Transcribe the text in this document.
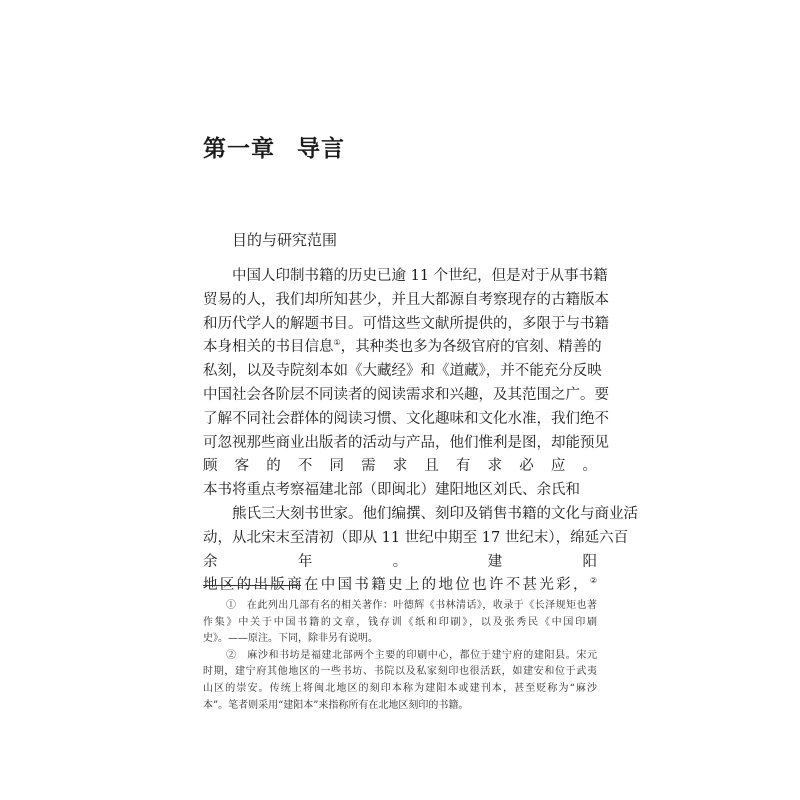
第一章 导言
目的与研究范围
中国人印制书籍的历史已逾 11 个世纪，但是对于从事书籍
贸易的人，我们却所知甚少，并且大都源自考察现存的古籍版本
和历代学人的解题书目。可惜这些文献所提供的，多限于与书籍
本身相关的书目信息①，其种类也多为各级官府的官刻、精善的
私刻，以及寺院刻本如《大藏经》和《道藏》，并不能充分反映
中国社会各阶层不同读者的阅读需求和兴趣，及其范围之广。要
了解不同社会群体的阅读习惯、文化趣味和文化水准，我们绝不
可忽视那些商业出版者的活动与产品，他们惟利是图，却能预见
顾客的不同需求且有求必应。
本书将重点考察福建北部（即闽北）建阳地区刘氏、余氏和
熊氏三大刻书世家。他们编撰、刻印及销售书籍的文化与商业活
动，从北宋末至清初（即从 11 世纪中期至 17 世纪末），绵延六百
余年。建阳
地区的出版商在中国书籍史上的地位也许不甚光彩，②
①　在此列出几部有名的相关著作：叶德辉《书林清话》，收录于《长泽规矩也著
作集》中关于中国书籍的文章，钱存训《纸和印刷》，以及张秀民《中国印刷
史》。——原注。下同，除非另有说明。
②　麻沙和书坊是福建北部两个主要的印刷中心，都位于建宁府的建阳县。宋元
时期，建宁府其他地区的一些书坊、书院以及私家刻印也很活跃，如建安和位于武夷
山区的崇安。传统上将闽北地区的刻印本称为建阳本或建刊本，甚至贬称为“麻沙
本”。笔者则采用“建阳本”来指称所有在北地区刻印的书籍。
